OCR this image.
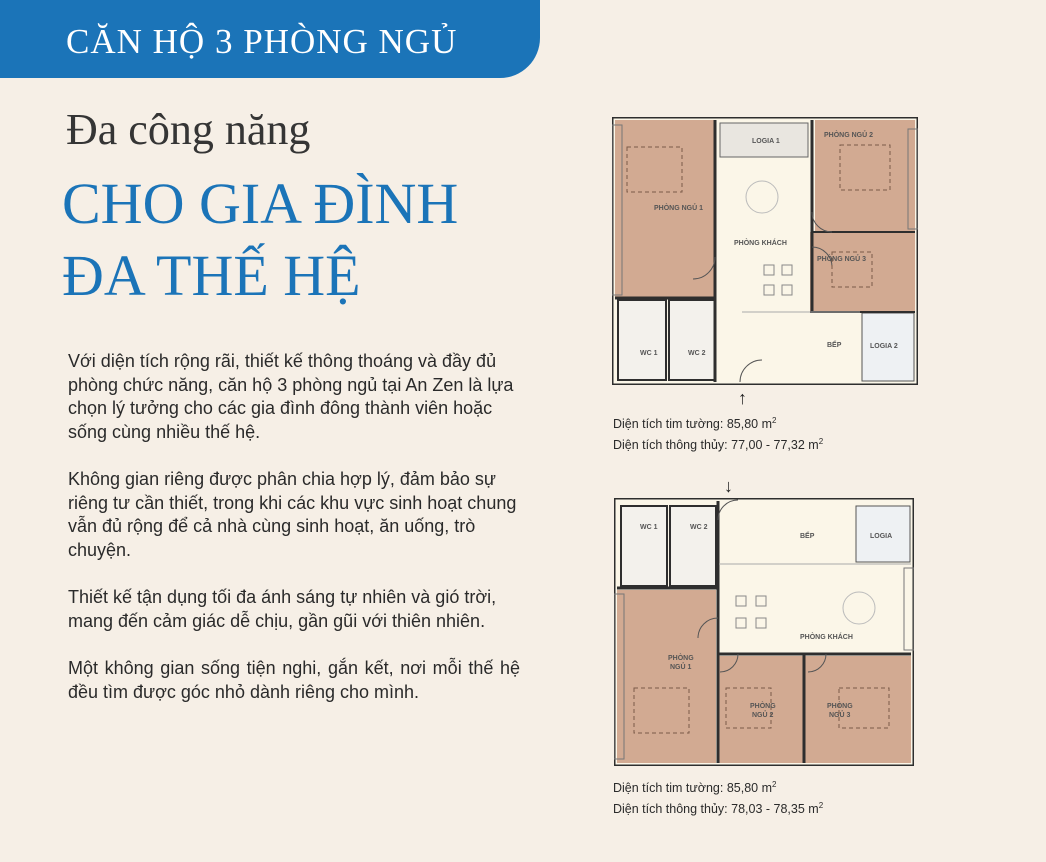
CĂN HỘ 3 PHÒNG NGỦ
Đa công năng
CHO GIA ĐÌNH
ĐA THẾ HỆ

Với diện tích rộng rãi, thiết kế thông thoáng và đầy đủ phòng chức năng, căn hộ 3 phòng ngủ tại An Zen là lựa chọn lý tưởng cho các gia đình đông thành viên hoặc sống cùng nhiều thế hệ.

Không gian riêng được phân chia hợp lý, đảm bảo sự riêng tư cần thiết, trong khi các khu vực sinh hoạt chung vẫn đủ rộng để cả nhà cùng sinh hoạt, ăn uống, trò chuyện.

Thiết kế tận dụng tối đa ánh sáng tự nhiên và gió trời, mang đến cảm giác dễ chịu, gần gũi với thiên nhiên.

Một không gian sống tiện nghi, gắn kết, nơi mỗi thế hệ đều tìm được góc nhỏ dành riêng cho mình.

LOGIA 1
PHÒNG NGỦ 1
PHÒNG NGỦ 2
PHÒNG NGỦ 3
PHÒNG KHÁCH
BẾP	LOGIA 2
WC 1	WC 2
↑
Diện tích tim tường: 85,80 $m^2$
Diện tích thông thủy: 77,00 - 77,32 $m^2$
↓
WC 1	WC 2
BẾP	LOGIA
PHÒNG KHÁCH
PHÒNG
NGỦ 1
PHÒNG
NGỦ 2
PHÒNG
NGỦ 3
Diện tích tim tường: 85,80 $m^2$
Diện tích thông thủy: 78,03 - 78,35 $m^2$
